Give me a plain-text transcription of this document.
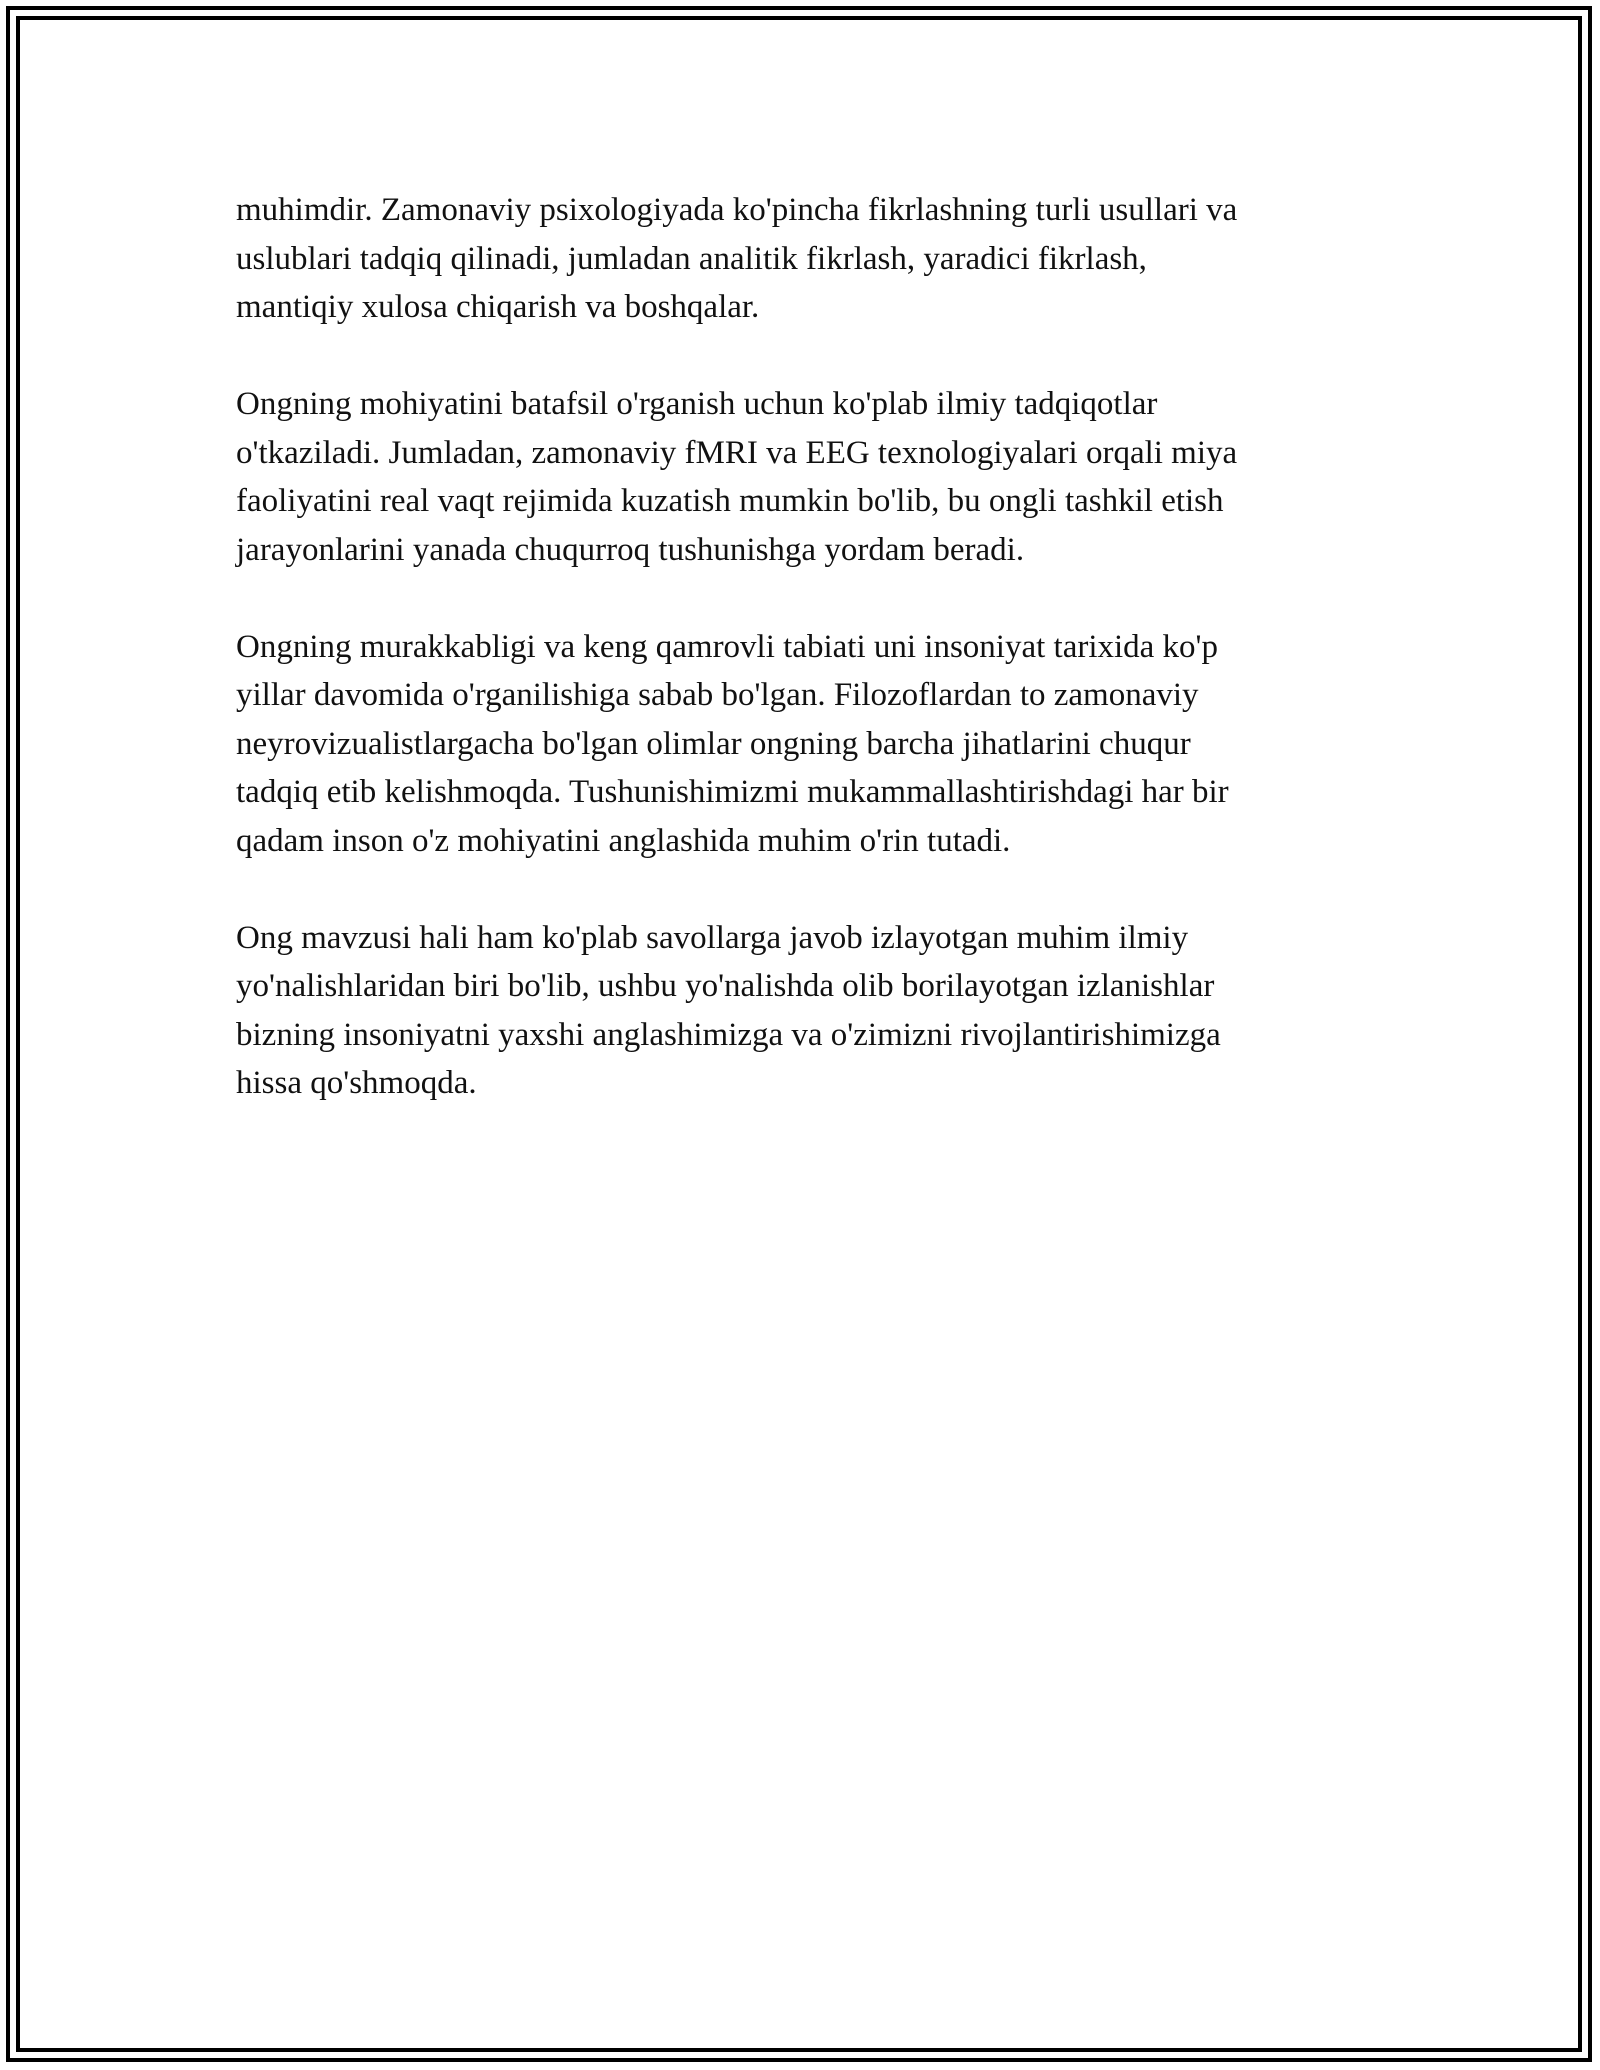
muhimdir. Zamonaviy psixologiyada ko'pincha fikrlashning turli usullari va
uslublari tadqiq qilinadi, jumladan analitik fikrlash, yaradici fikrlash,
mantiqiy xulosa chiqarish va boshqalar.

Ongning mohiyatini batafsil o'rganish uchun ko'plab ilmiy tadqiqotlar
o'tkaziladi. Jumladan, zamonaviy fMRI va EEG texnologiyalari orqali miya
faoliyatini real vaqt rejimida kuzatish mumkin bo'lib, bu ongli tashkil etish
jarayonlarini yanada chuqurroq tushunishga yordam beradi.

Ongning murakkabligi va keng qamrovli tabiati uni insoniyat tarixida ko'p
yillar davomida o'rganilishiga sabab bo'lgan. Filozoflardan to zamonaviy
neyrovizualistlargacha bo'lgan olimlar ongning barcha jihatlarini chuqur
tadqiq etib kelishmoqda. Tushunishimizmi mukammallashtirishdagi har bir
qadam inson o'z mohiyatini anglashida muhim o'rin tutadi.

Ong mavzusi hali ham ko'plab savollarga javob izlayotgan muhim ilmiy
yo'nalishlaridan biri bo'lib, ushbu yo'nalishda olib borilayotgan izlanishlar
bizning insoniyatni yaxshi anglashimizga va o'zimizni rivojlantirishimizga
hissa qo'shmoqda.
